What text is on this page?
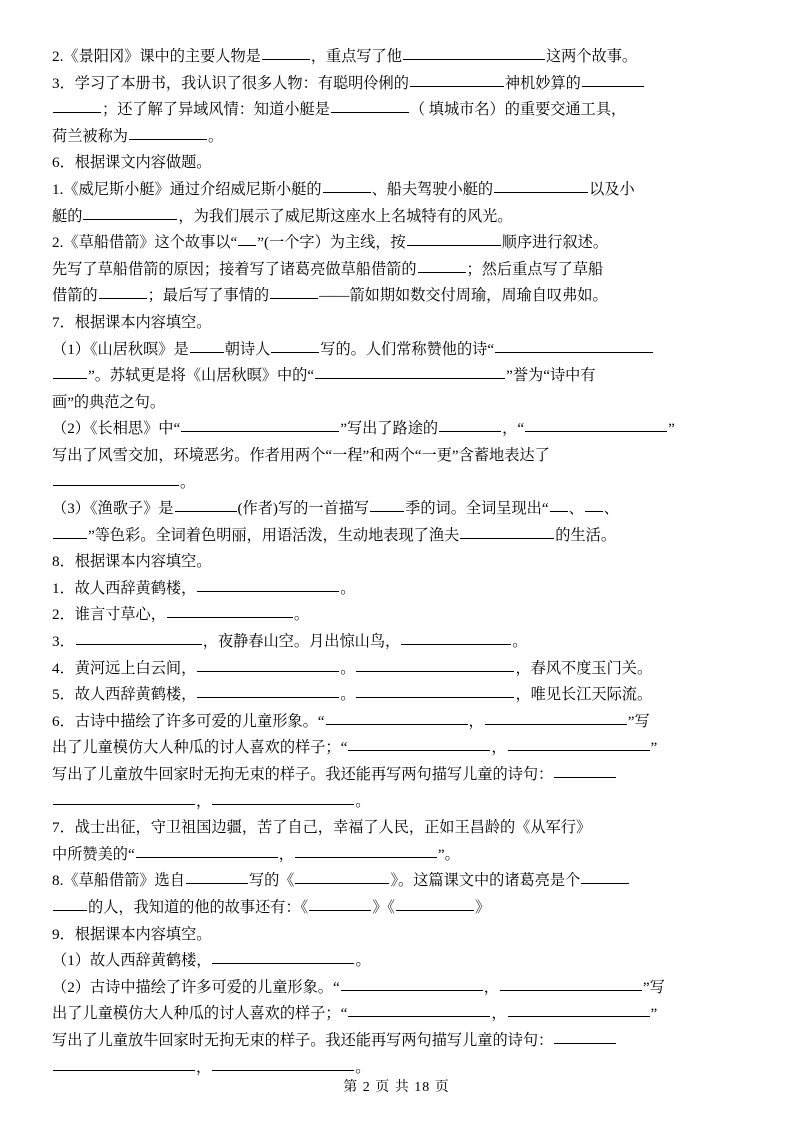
2.《景阳冈》课中的主要人物是	，重点写了他	这两个故事。
3．学习了本册书，我认识了很多人物：有聪明伶俐的	神机妙算的
；还了解了异域风情：知道小艇是	（ 填城市名）的重要交通工具，
荷兰被称为	。
6．根据课文内容做题。
1.《威尼斯小艇》通过介绍威尼斯小艇的	、船夫驾驶小艇的	以及小
艇的	，为我们展示了威尼斯这座水上名城特有的风光。
2.《草船借箭》这个故事以“ ”(一个字）为主线，按	顺序进行叙述。
先写了草船借箭的原因；接着写了诸葛亮做草船借箭的	；然后重点写了草船
借箭的	；最后写了事情的	——箭如期如数交付周瑜，周瑜自叹弗如。
7．根据课本内容填空。
（1）《山居秋暝》是 朝诗人	写的。人们常称赞他的诗“
”。苏轼更是将《山居秋暝》中的“	”誉为“诗中有
画”的典范之句。
（2）《长相思》中“	”写出了路途的	，“	”
写出了风雪交加，环境恶劣。作者用两个“一程”和两个“一更”含蓄地表达了
。
（3）《渔歌子》是	(作者)写的一首描写 季的词。全词呈现出“ 、 、
”等色彩。全词着色明丽，用语活泼，生动地表现了渔夫	的生活。
8．根据课本内容填空。
1．故人西辞黄鹤楼，	。
2．谁言寸草心，	。
3．	，夜静春山空。月出惊山鸟，	。
4．黄河远上白云间，	。	，春风不度玉门关。
5．故人西辞黄鹤楼，	。	，唯见长江天际流。
6．古诗中描绘了许多可爱的儿童形象。“	，	”写
出了儿童模仿大人种瓜的讨人喜欢的样子；“	，	”
写出了儿童放牛回家时无拘无束的样子。我还能再写两句描写儿童的诗句：
，	。
7．战士出征，守卫祖国边疆，苦了自己，幸福了人民，正如王昌龄的《从军行》
中所赞美的“	，	”。
8.《草船借箭》选自	写的《	》。这篇课文中的诸葛亮是个
的人，我知道的他的故事还有：《	》《	》
9．根据课本内容填空。
（1）故人西辞黄鹤楼，	。
（2）古诗中描绘了许多可爱的儿童形象。“	，	”写
出了儿童模仿大人种瓜的讨人喜欢的样子；“	，	”
写出了儿童放牛回家时无拘无束的样子。我还能再写两句描写儿童的诗句：
，	。
第 2 页 共 18 页
